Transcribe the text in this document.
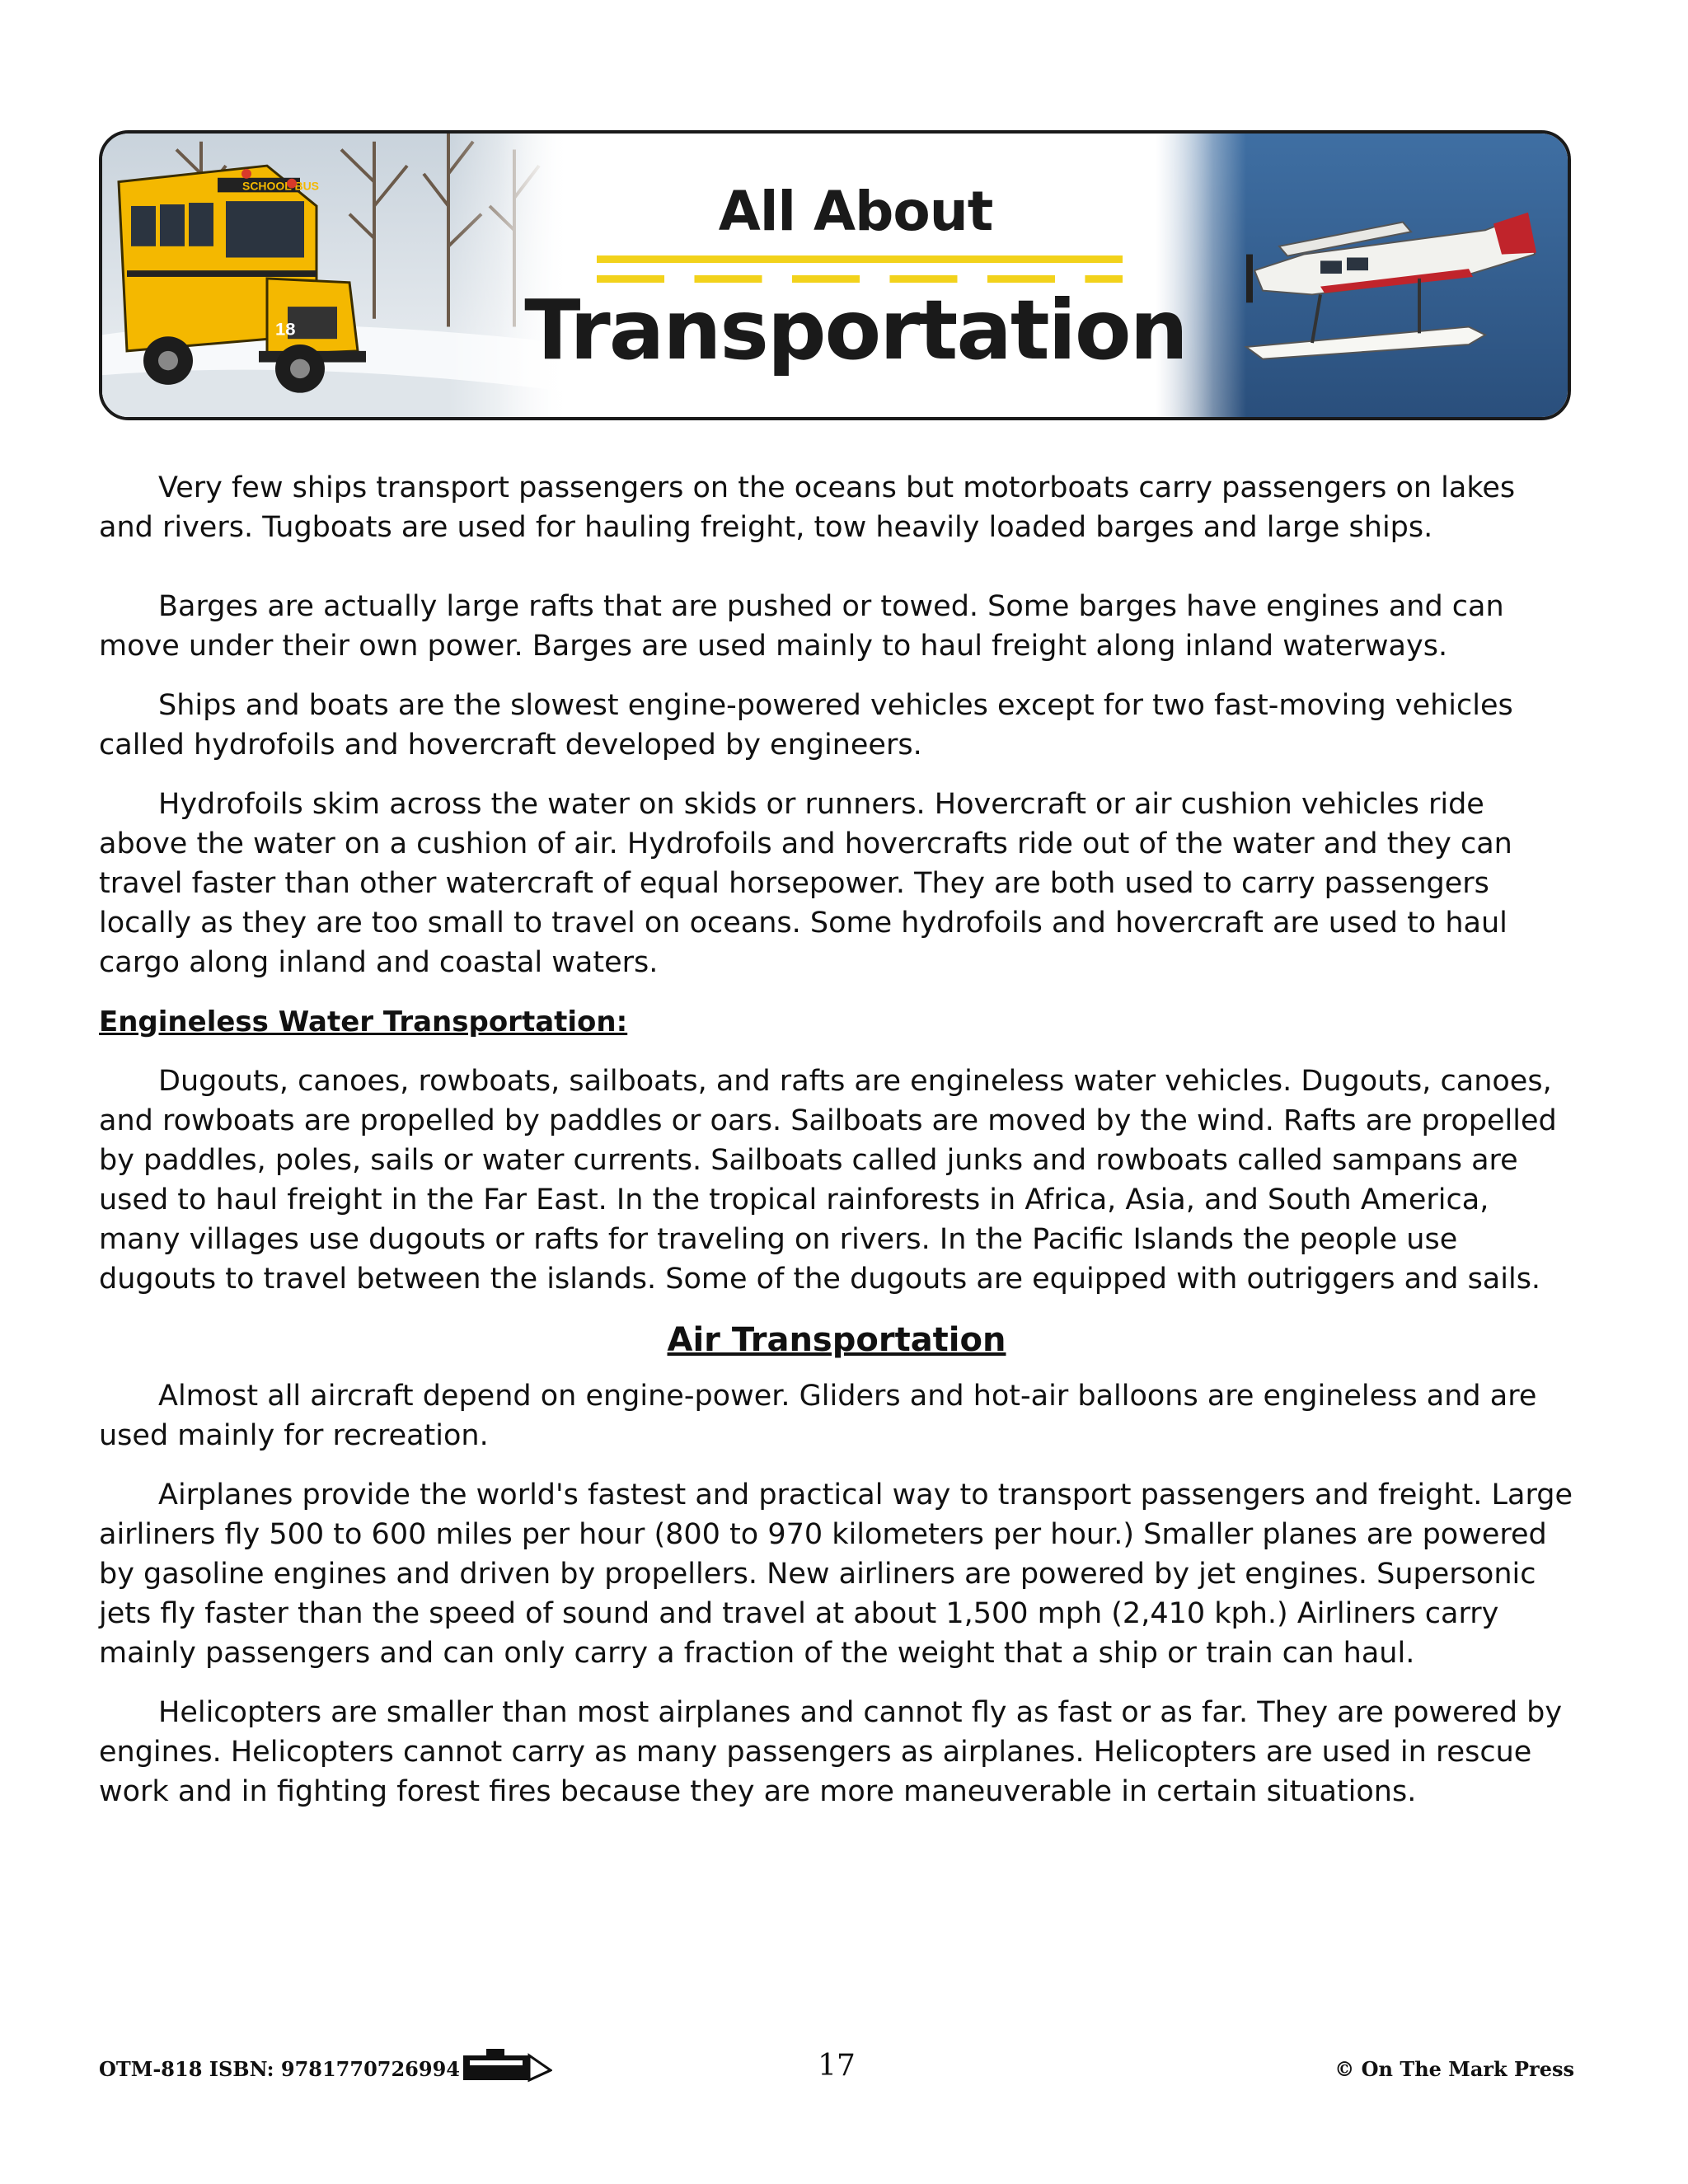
All About
Transportation

Very few ships transport passengers on the oceans but motorboats carry passengers on lakes and rivers. Tugboats are used for hauling freight, tow heavily loaded barges and large ships.

Barges are actually large rafts that are pushed or towed. Some barges have engines and can move under their own power. Barges are used mainly to haul freight along inland waterways.

Ships and boats are the slowest engine-powered vehicles except for two fast-moving vehicles called hydrofoils and hovercraft developed by engineers.

Hydrofoils skim across the water on skids or runners. Hovercraft or air cushion vehicles ride above the water on a cushion of air. Hydrofoils and hovercrafts ride out of the water and they can travel faster than other watercraft of equal horsepower. They are both used to carry passengers locally as they are too small to travel on oceans. Some hydrofoils and hovercraft are used to haul cargo along inland and coastal waters.

Engineless Water Transportation:

Dugouts, canoes, rowboats, sailboats, and rafts are engineless water vehicles. Dugouts, canoes, and rowboats are propelled by paddles or oars. Sailboats are moved by the wind. Rafts are propelled by paddles, poles, sails or water currents. Sailboats called junks and rowboats called sampans are used to haul freight in the Far East. In the tropical rainforests in Africa, Asia, and South America, many villages use dugouts or rafts for traveling on rivers. In the Pacific Islands the people use dugouts to travel between the islands. Some of the dugouts are equipped with outriggers and sails.

Air Transportation

Almost all aircraft depend on engine-power. Gliders and hot-air balloons are engineless and are used mainly for recreation.

Airplanes provide the world's fastest and practical way to transport passengers and freight. Large airliners fly 500 to 600 miles per hour (800 to 970 kilometers per hour.) Smaller planes are powered by gasoline engines and driven by propellers. New airliners are powered by jet engines. Supersonic jets fly faster than the speed of sound and travel at about 1,500 mph (2,410 kph.) Airliners carry mainly passengers and can only carry a fraction of the weight that a ship or train can haul.

Helicopters are smaller than most airplanes and cannot fly as fast or as far. They are powered by engines. Helicopters cannot carry as many passengers as airplanes. Helicopters are used in rescue work and in fighting forest fires because they are more maneuverable in certain situations.

OTM-818 ISBN: 9781770726994	17	© On The Mark Press
